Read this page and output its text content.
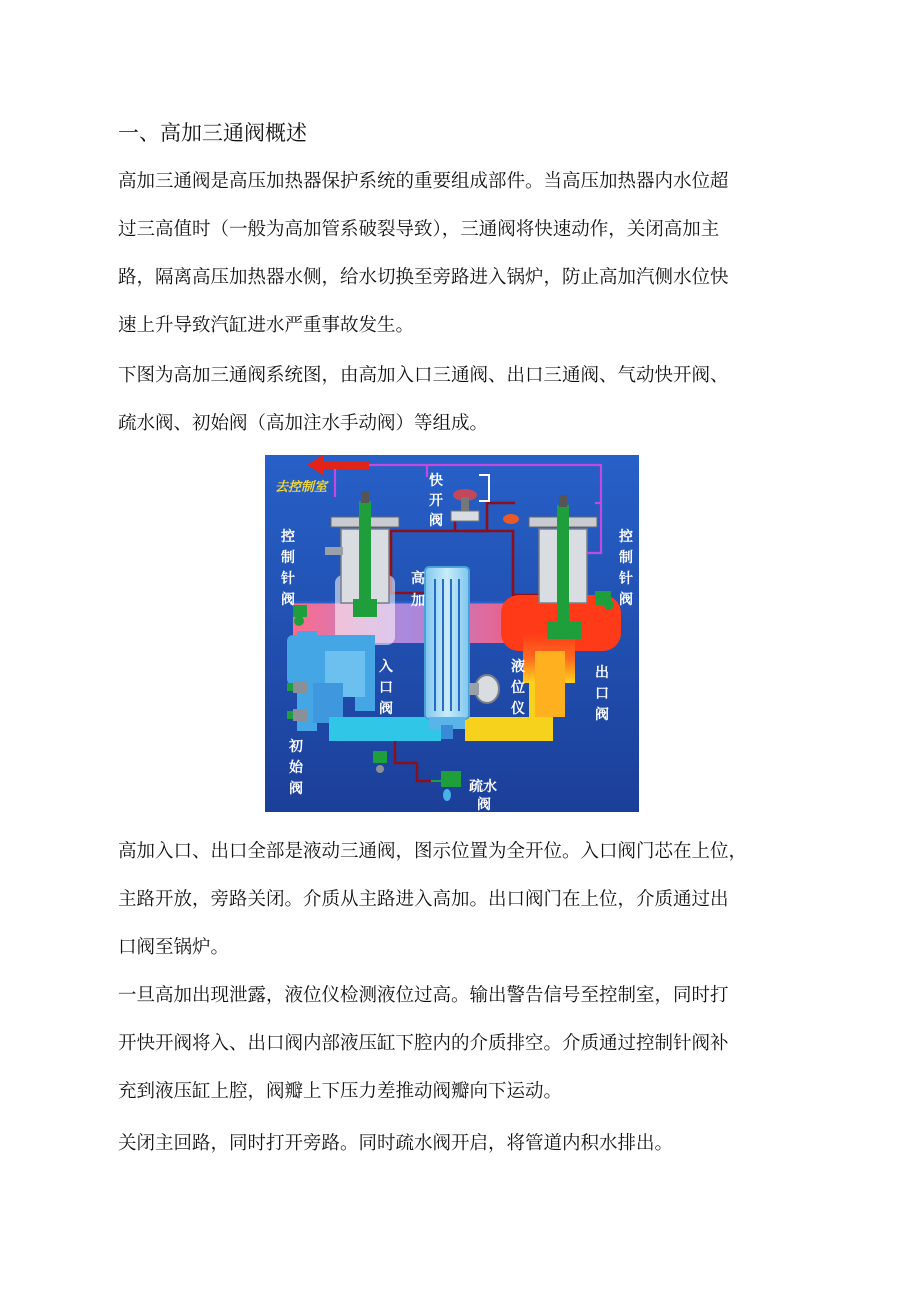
一、高加三通阀概述
高加三通阀是高压加热器保护系统的重要组成部件。当高压加热器内水位超
过三高值时（一般为高加管系破裂导致），三通阀将快速动作，关闭高加主
路，隔离高压加热器水侧，给水切换至旁路进入锅炉，防止高加汽侧水位快
速上升导致汽缸进水严重事故发生。
下图为高加三通阀系统图，由高加入口三通阀、出口三通阀、气动快开阀、
疏水阀、初始阀（高加注水手动阀）等组成。
去控制室	快开阀
控制针阀
控制针阀
高加
入口阀
液位仪
出口阀
初始阀	疏水阀
高加入口、出口全部是液动三通阀，图示位置为全开位。入口阀门芯在上位，
主路开放，旁路关闭。介质从主路进入高加。出口阀门在上位，介质通过出
口阀至锅炉。
一旦高加出现泄露，液位仪检测液位过高。输出警告信号至控制室，同时打
开快开阀将入、出口阀内部液压缸下腔内的介质排空。介质通过控制针阀补
充到液压缸上腔，阀瓣上下压力差推动阀瓣向下运动。
关闭主回路，同时打开旁路。同时疏水阀开启，将管道内积水排出。
